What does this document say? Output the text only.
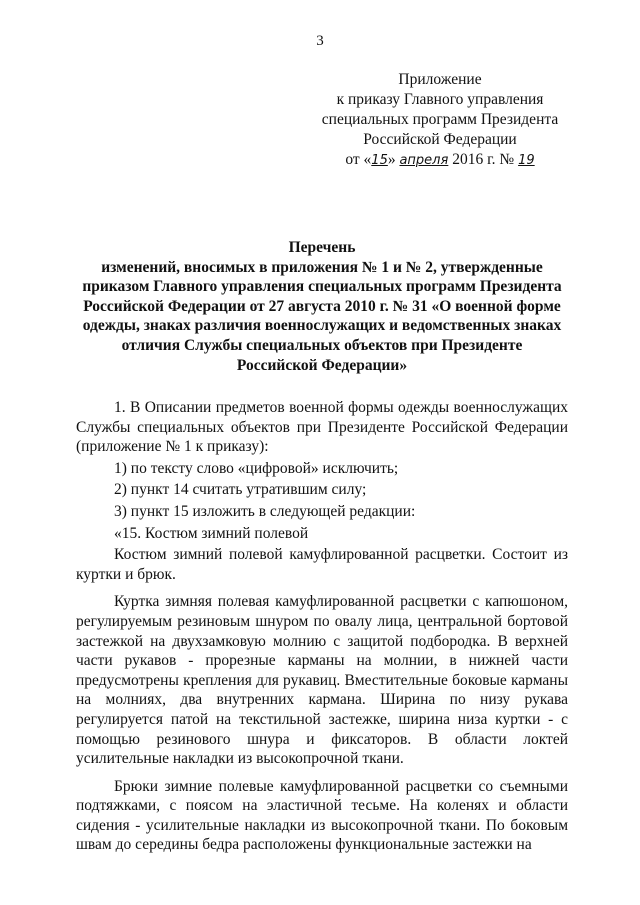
3
Приложение
к приказу Главного управления
специальных программ Президента
Российской Федерации
от «15» апреля 2016 г. № 19
Перечень
изменений, вносимых в приложения № 1 и № 2, утвержденные
приказом Главного управления специальных программ Президента
Российской Федерации от 27 августа 2010 г. № 31 «О военной форме
одежды, знаках различия военнослужащих и ведомственных знаках
отличия Службы специальных объектов при Президенте
Российской Федерации»

1. В Описании предметов военной формы одежды военнослужащих Службы специальных объектов при Президенте Российской Федерации (приложение № 1 к приказу):

1) по тексту слово «цифровой» исключить;

2) пункт 14 считать утратившим силу;

3) пункт 15 изложить в следующей редакции:

«15. Костюм зимний полевой

Костюм зимний полевой камуфлированной расцветки. Состоит из куртки и брюк.

Куртка зимняя полевая камуфлированной расцветки с капюшоном, регулируемым резиновым шнуром по овалу лица, центральной бортовой застежкой на двухзамковую молнию с защитой подбородка. В верхней части рукавов - прорезные карманы на молнии, в нижней части предусмотрены крепления для рукавиц. Вместительные боковые карманы на молниях, два внутренних кармана. Ширина по низу рукава регулируется патой на текстильной застежке, ширина низа куртки - с помощью резинового шнура и фиксаторов. В области локтей усилительные накладки из высокопрочной ткани.

Брюки зимние полевые камуфлированной расцветки со съемными подтяжками, с поясом на эластичной тесьме. На коленях и области сидения - усилительные накладки из высокопрочной ткани. По боковым швам до середины бедра расположены функциональные застежки на
